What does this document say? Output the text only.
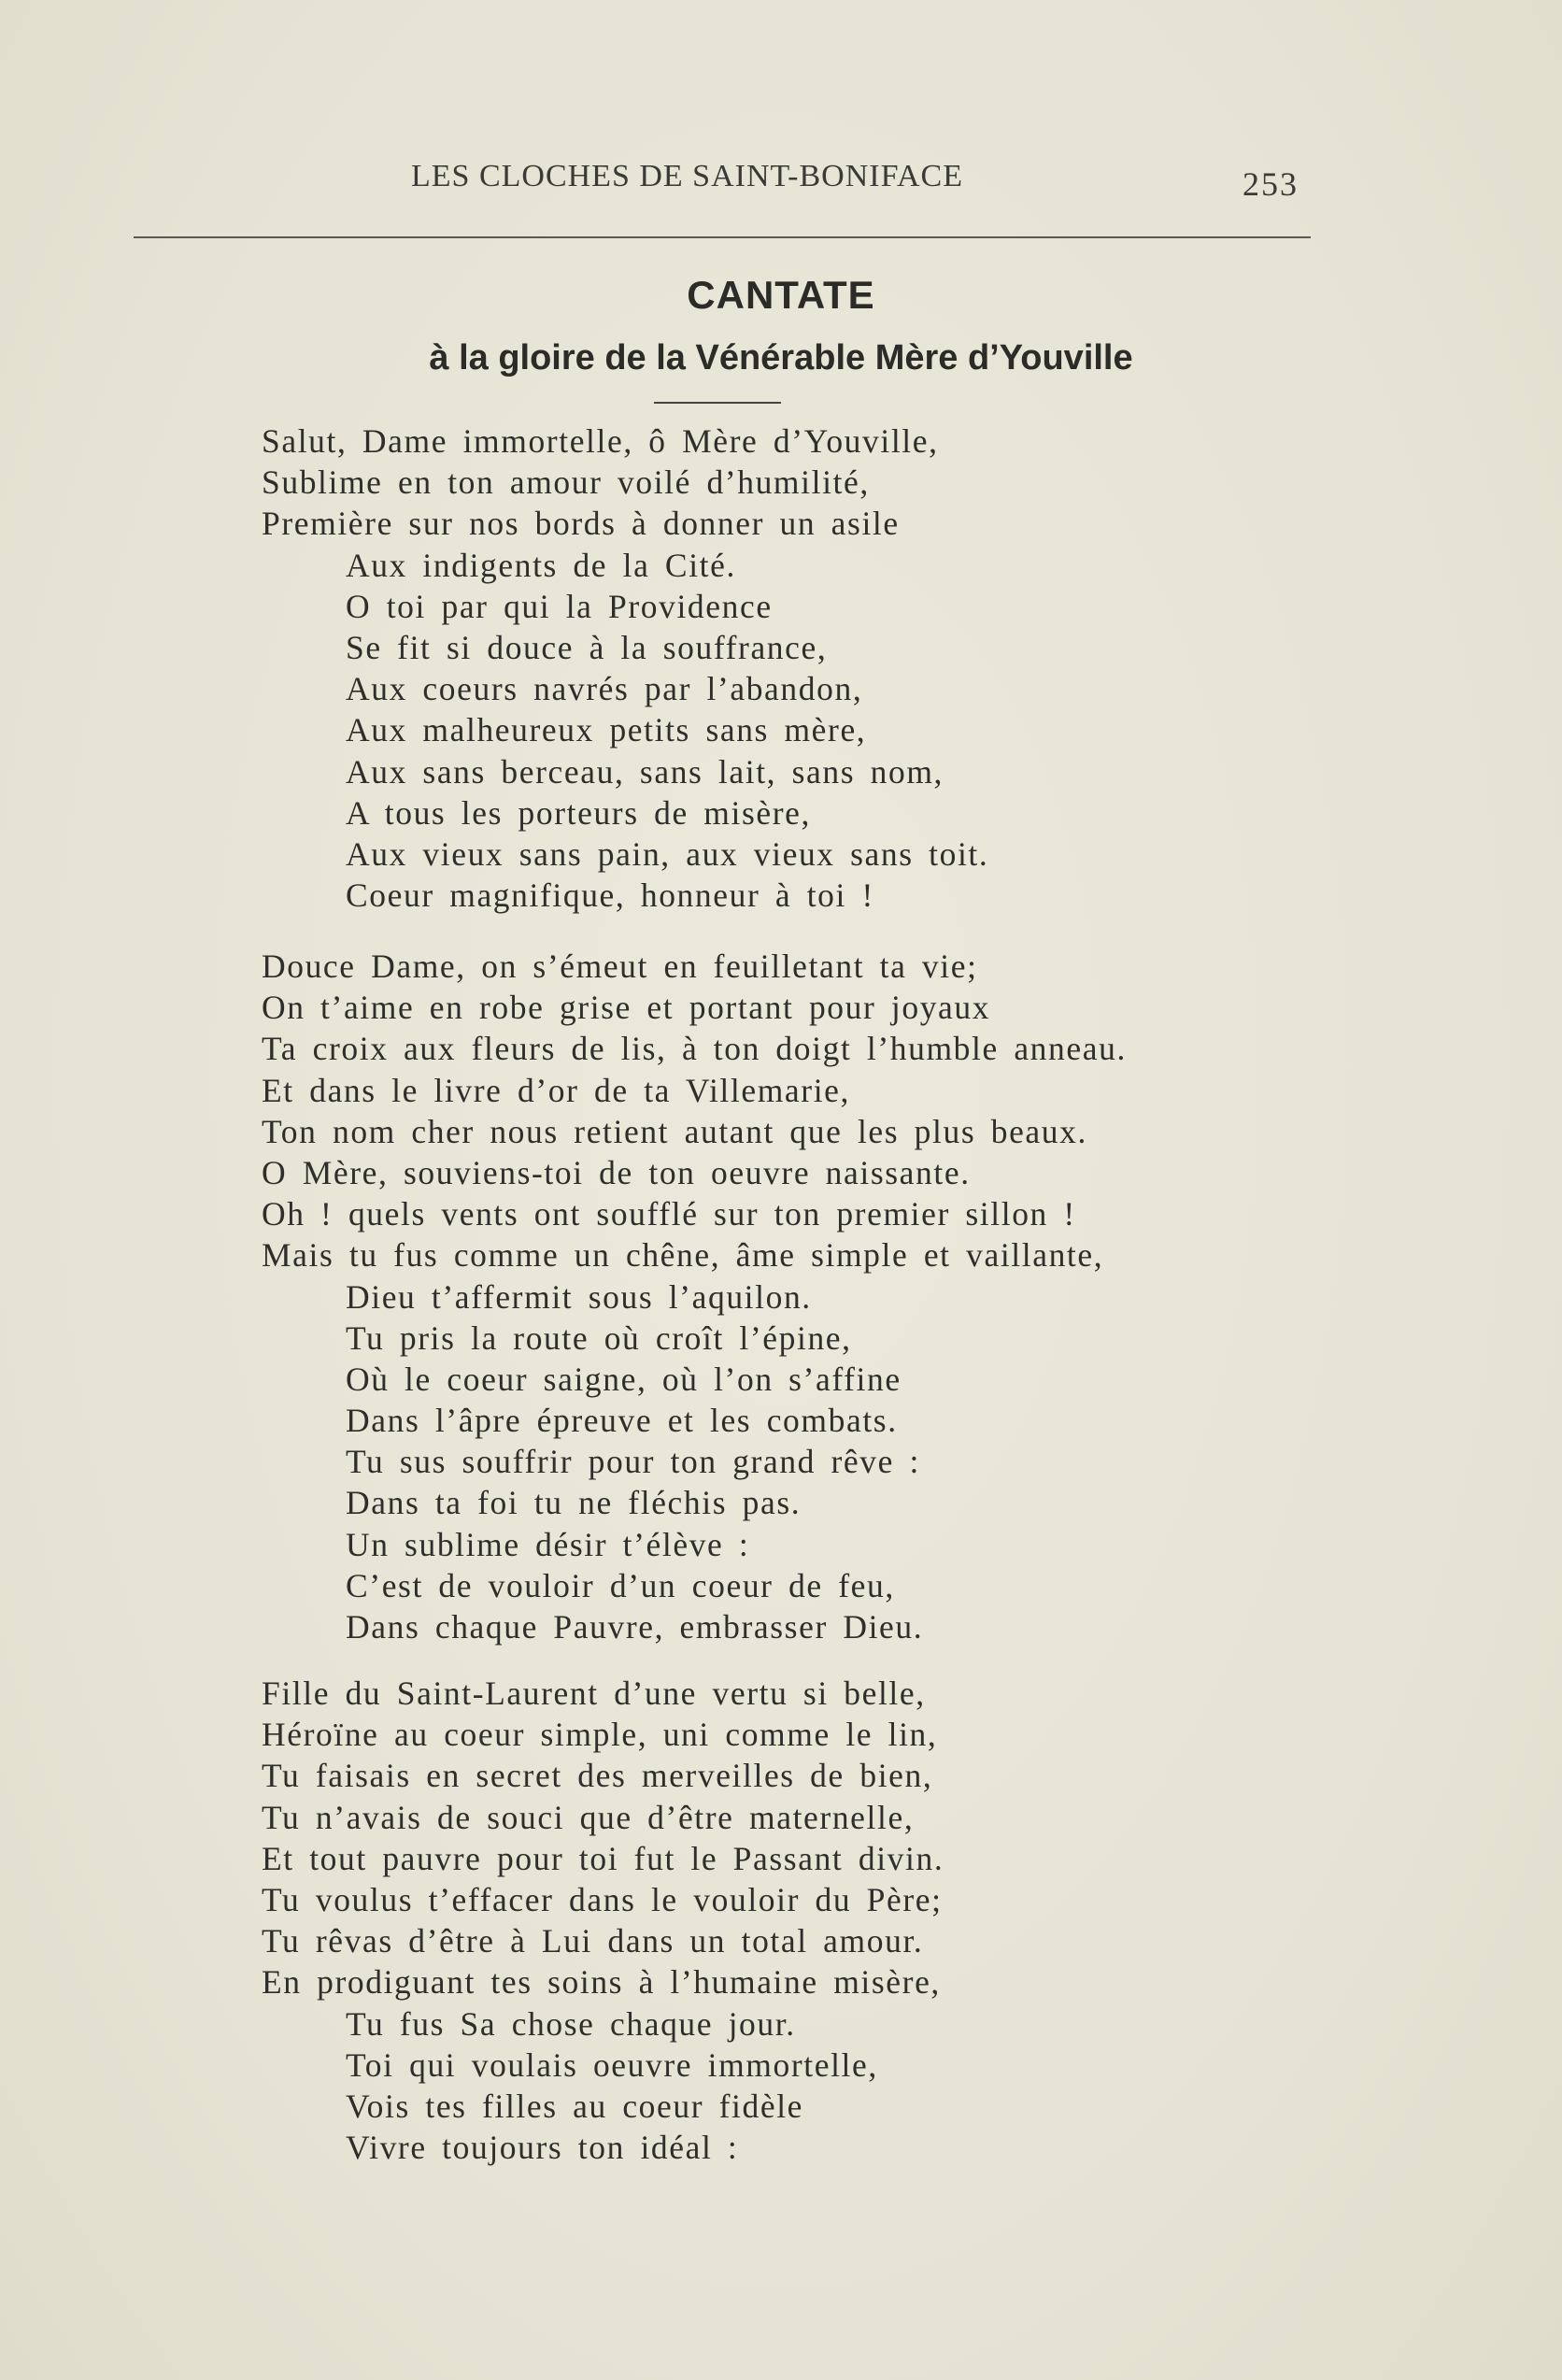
LES CLOCHES DE SAINT-BONIFACE	253
CANTATE
à la gloire de la Vénérable Mère d’Youville
Salut, Dame immortelle, ô Mère d’Youville,
Sublime en ton amour voilé d’humilité,
Première sur nos bords à donner un asile
Aux indigents de la Cité.
O toi par qui la Providence
Se fit si douce à la souffrance,
Aux coeurs navrés par l’abandon,
Aux malheureux petits sans mère,
Aux sans berceau, sans lait, sans nom,
A tous les porteurs de misère,
Aux vieux sans pain, aux vieux sans toit.
Coeur magnifique, honneur à toi !
Douce Dame, on s’émeut en feuilletant ta vie;
On t’aime en robe grise et portant pour joyaux
Ta croix aux fleurs de lis, à ton doigt l’humble anneau.
Et dans le livre d’or de ta Villemarie,
Ton nom cher nous retient autant que les plus beaux.
O Mère, souviens-toi de ton oeuvre naissante.
Oh ! quels vents ont soufflé sur ton premier sillon !
Mais tu fus comme un chêne, âme simple et vaillante,
Dieu t’affermit sous l’aquilon.
Tu pris la route où croît l’épine,
Où le coeur saigne, où l’on s’affine
Dans l’âpre épreuve et les combats.
Tu sus souffrir pour ton grand rêve :
Dans ta foi tu ne fléchis pas.
Un sublime désir t’élève :
C’est de vouloir d’un coeur de feu,
Dans chaque Pauvre, embrasser Dieu.
Fille du Saint-Laurent d’une vertu si belle,
Héroïne au coeur simple, uni comme le lin,
Tu faisais en secret des merveilles de bien,
Tu n’avais de souci que d’être maternelle,
Et tout pauvre pour toi fut le Passant divin.
Tu voulus t’effacer dans le vouloir du Père;
Tu rêvas d’être à Lui dans un total amour.
En prodiguant tes soins à l’humaine misère,
Tu fus Sa chose chaque jour.
Toi qui voulais oeuvre immortelle,
Vois tes filles au coeur fidèle
Vivre toujours ton idéal :
